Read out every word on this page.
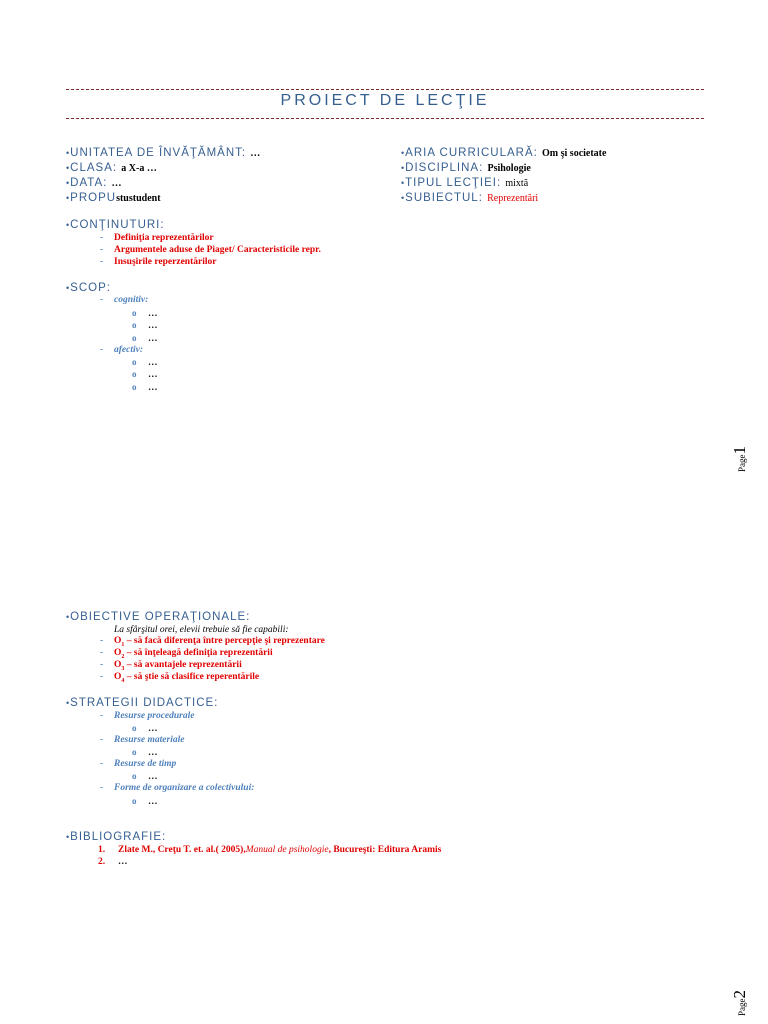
PROIECT DE LECŢIE
•UNITATEA DE ÎNVĂŢĂMÂNT: …
•CLASA: a X-a …
•DATA: …
•PROPUstustudent
•ARIA CURRICULARĂ: Om şi societate
•DISCIPLINA: Psihologie
•TIPUL LECŢIEI: mixtă
•SUBIECTUL: Reprezentări
•CONŢINUTURI:
- Definiţia reprezentărilor
- Argumentele aduse de Piaget/ Caracteristicile repr.
- Insuşirile reperzentărilor
•SCOP:
- cognitiv:
o …
o …
o …
- afectiv:
o …
o …
o …
Page1
•OBIECTIVE OPERAŢIONALE:
La sfârşitul orei, elevii trebuie să fie capabili:
- $O_1$ – să facă diferenţa între percepţie şi reprezentare
- $O_2$ – să înţeleagă definiţia reprezentării
- $O_3$ – să avantajele reprezentării
- $O_4$ – să ştie să clasifice reperentările
•STRATEGII DIDACTICE:
- Resurse procedurale
o …
- Resurse materiale
o …
- Resurse de timp
o …
- Forme de organizare a colectivului:
o …
•BIBLIOGRAFIE:
1. Zlate M., Creţu T. et. al.( 2005),Manual de psihologie, Bucureşti: Editura Aramis
2. …
Page2
